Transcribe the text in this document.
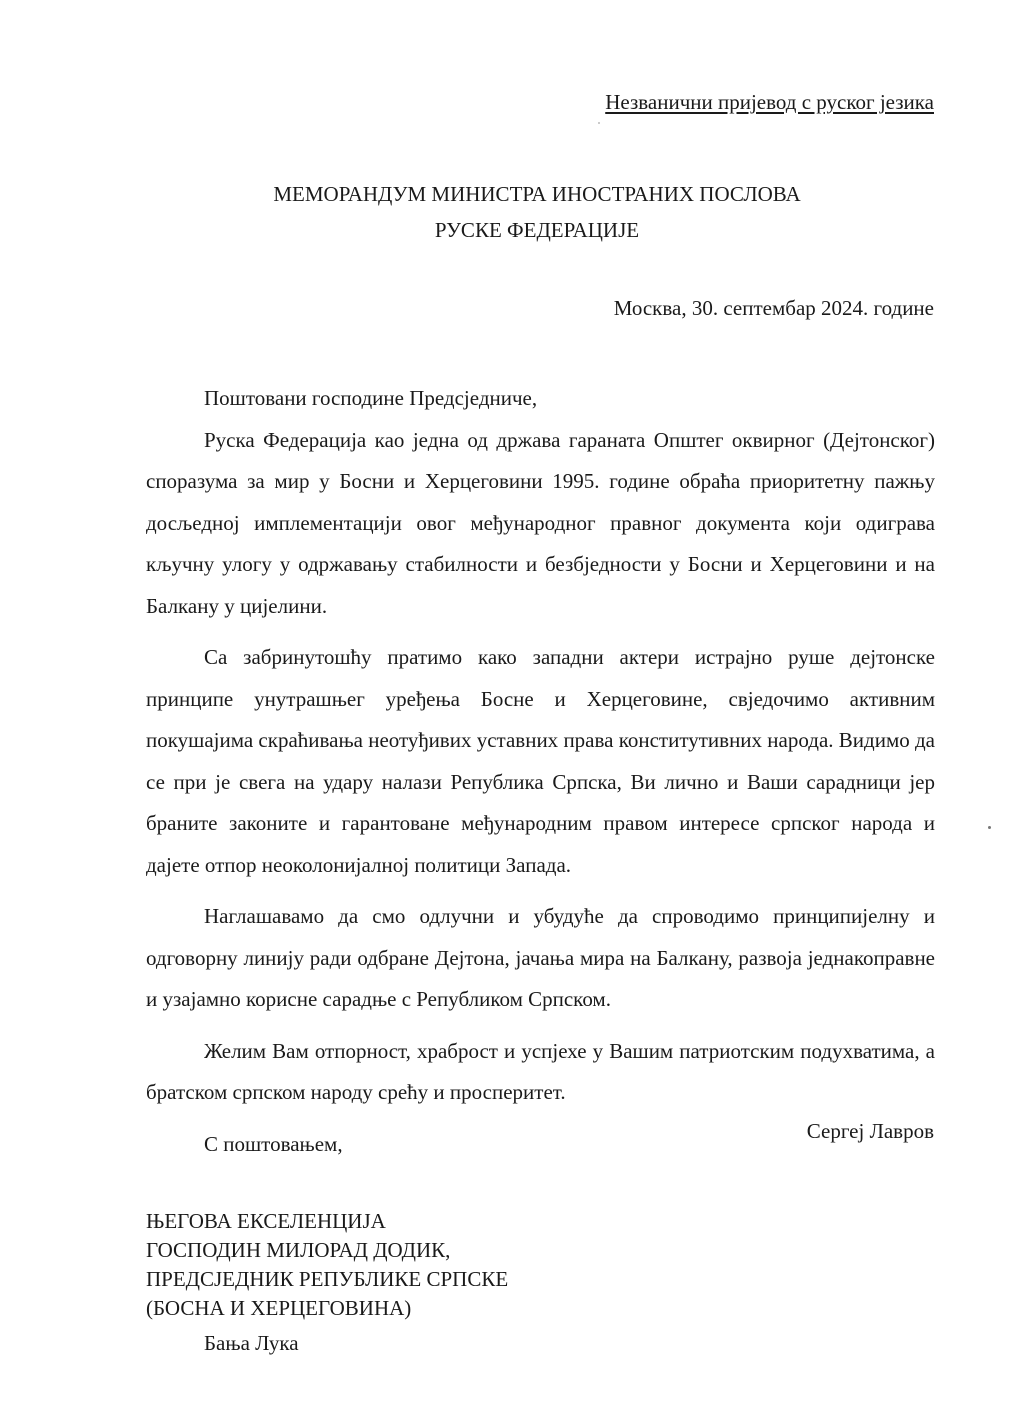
Незванични пријевод с руског језика
МЕМОРАНДУМ МИНИСТРА ИНОСТРАНИХ ПОСЛОВА
РУСКЕ ФЕДЕРАЦИЈЕ
Москва, 30. септембар 2024. године

Поштовани господине Предсједниче,

Руска Федерација као једна од држава гараната Општег оквирног (Дејтонског) споразума за мир у Босни и Херцеговини 1995. године обраћа приоритетну пажњу досљедној имплементацији овог међународног правног документа који одиграва кључну улогу у одржавању стабилности и безбједности у Босни и Херцеговини и на Балкану у цијелини.

Са забринутошћу пратимо како западни актери истрајно руше дејтонске принципе унутрашњег уређења Босне и Херцеговине, свједочимо активним покушајима скраћивања неотуђивих уставних права конститутивних народа. Видимо да се при је свега на удару налази Република Српска, Ви лично и Ваши сарадници јер браните законите и гарантоване међународним правом интересе српског народа и дајете отпор неоколонијалној политици Запада.

Наглашавамо да смо одлучни и убудуће да спроводимо принципијелну и одговорну линију ради одбране Дејтона, јачања мира на Балкану, развоја једнакоправне и узајамно корисне сарадње с Републиком Српском.

Желим Вам отпорност, храброст и успјехе у Вашим патриотским подухватима, а братском српском народу срећу и просперитет.

С поштовањем,

Сергеј Лавров
ЊЕГОВА ЕКСЕЛЕНЦИЈА
ГОСПОДИН МИЛОРАД ДОДИК,
ПРЕДСЈЕДНИК РЕПУБЛИКЕ СРПСКЕ
(БОСНА И ХЕРЦЕГОВИНА)
Бања Лука
